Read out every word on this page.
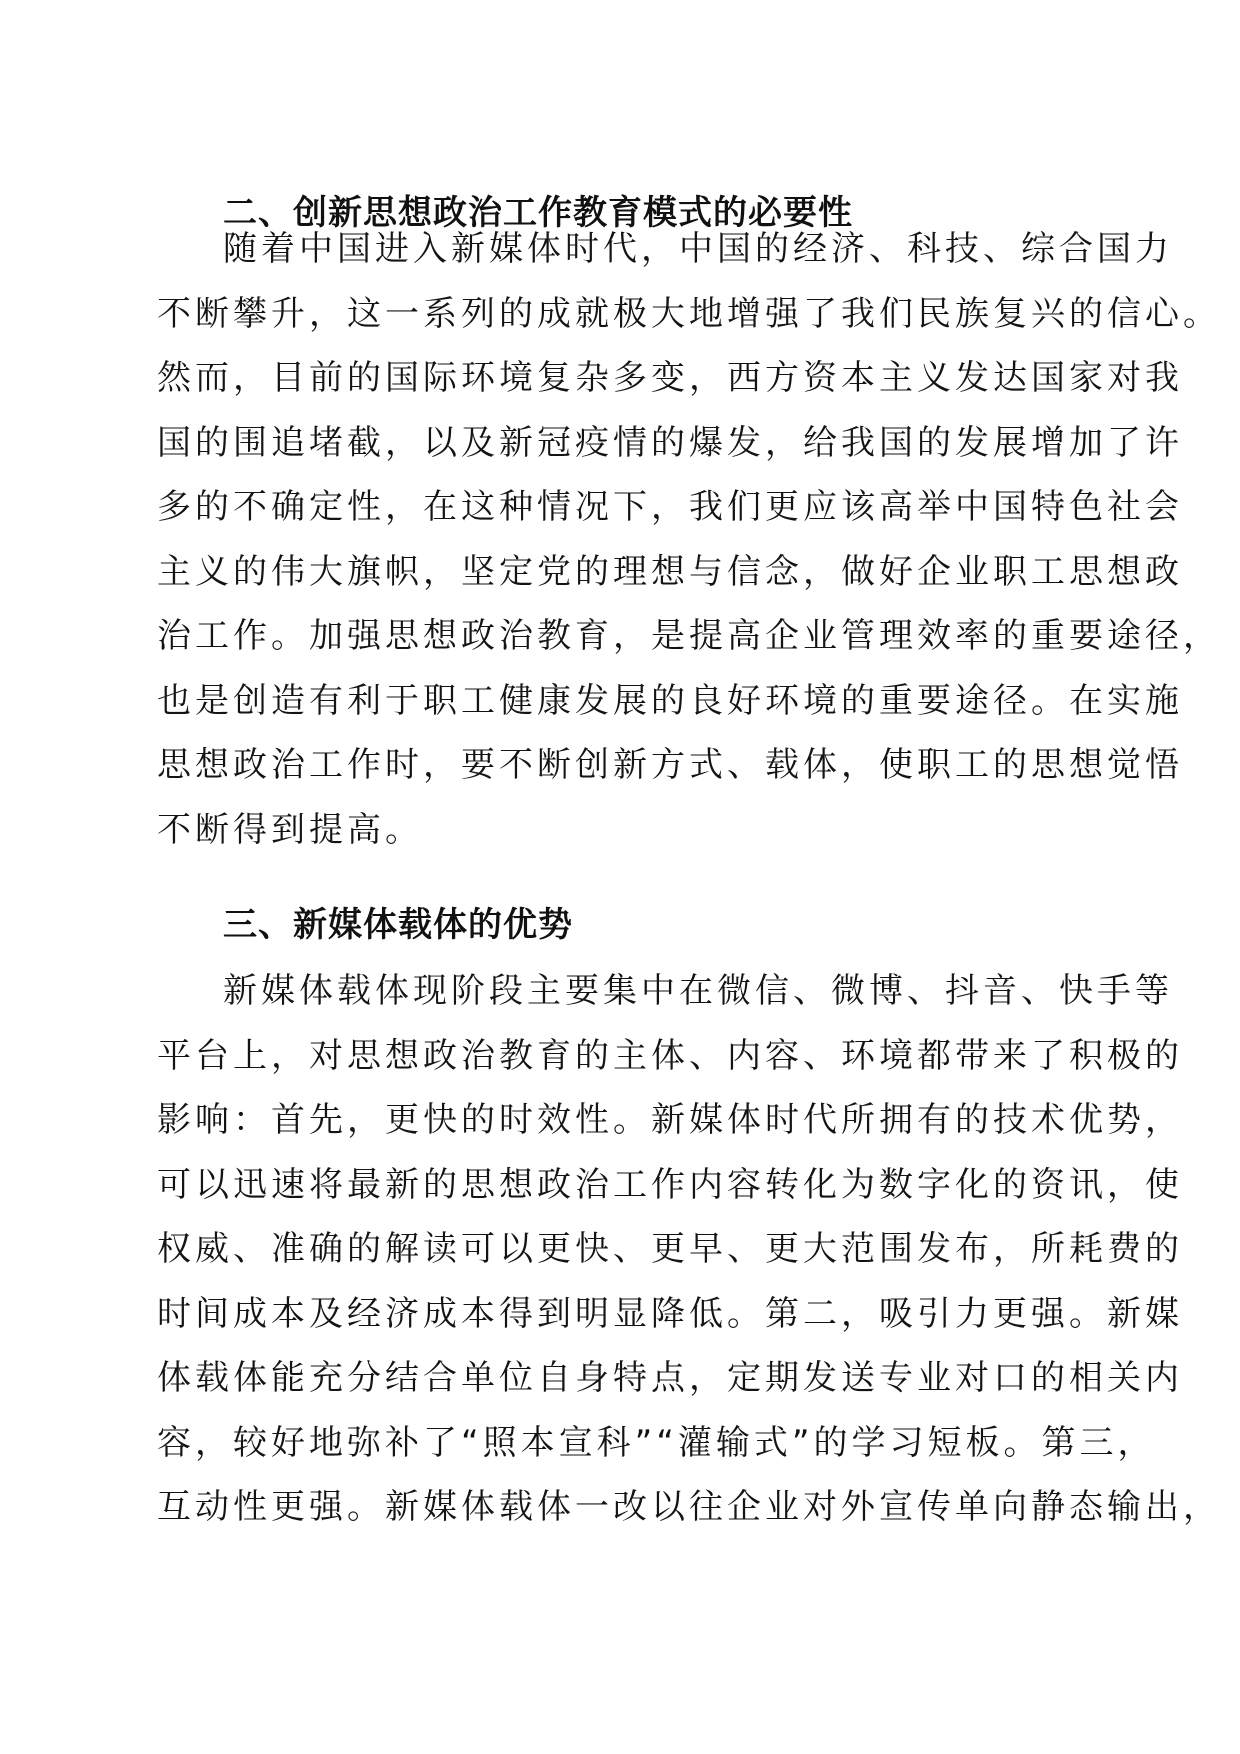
二、创新思想政治工作教育模式的必要性
随着中国进入新媒体时代，中国的经济、科技、综合国力
不断攀升，这一系列的成就极大地增强了我们民族复兴的信心。
然而，目前的国际环境复杂多变，西方资本主义发达国家对我
国的围追堵截，以及新冠疫情的爆发，给我国的发展增加了许
多的不确定性，在这种情况下，我们更应该高举中国特色社会
主义的伟大旗帜，坚定党的理想与信念，做好企业职工思想政
治工作。加强思想政治教育，是提高企业管理效率的重要途径，
也是创造有利于职工健康发展的良好环境的重要途径。在实施
思想政治工作时，要不断创新方式、载体，使职工的思想觉悟
不断得到提高。
三、新媒体载体的优势
新媒体载体现阶段主要集中在微信、微博、抖音、快手等
平台上，对思想政治教育的主体、内容、环境都带来了积极的
影响：首先，更快的时效性。新媒体时代所拥有的技术优势，
可以迅速将最新的思想政治工作内容转化为数字化的资讯，使
权威、准确的解读可以更快、更早、更大范围发布，所耗费的
时间成本及经济成本得到明显降低。第二，吸引力更强。新媒
体载体能充分结合单位自身特点，定期发送专业对口的相关内
容，较好地弥补了“照本宣科”“灌输式”的学习短板。第三，
互动性更强。新媒体载体一改以往企业对外宣传单向静态输出，
